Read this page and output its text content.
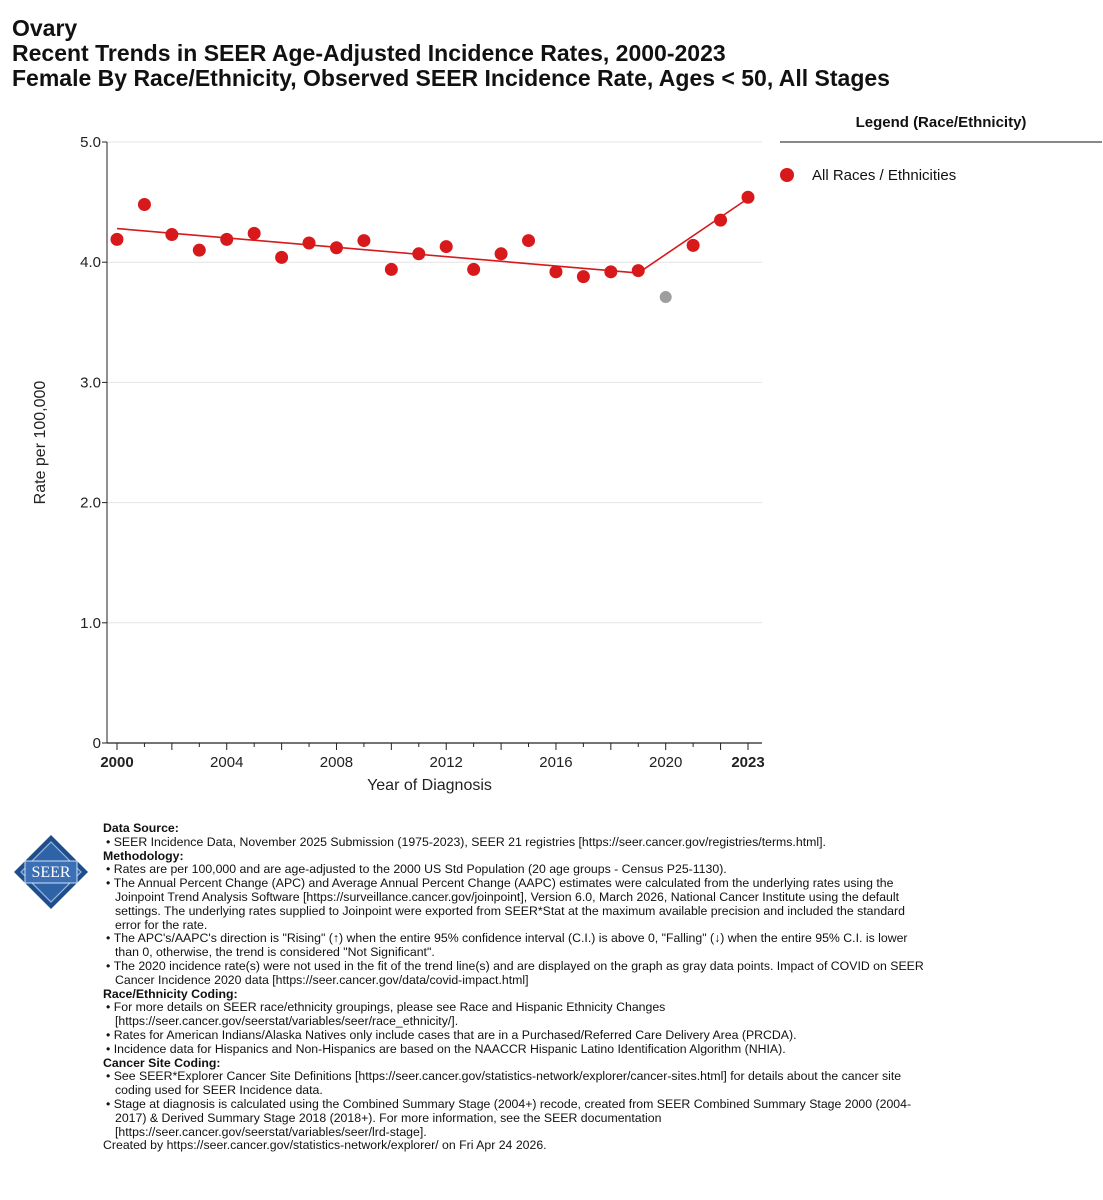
Ovary
Recent Trends in SEER Age-Adjusted Incidence Rates, 2000-2023
Female By Race/Ethnicity, Observed SEER Incidence Rate, Ages < 50, All Stages
0
1.0
2.0
3.0
4.0
5.0
2000	2004	2008	2012	2016	2020	2023
Year of Diagnosis
Rate per 100,000
Legend (Race/Ethnicity)
All Races / Ethnicities
SEER
Data Source:
• SEER Incidence Data, November 2025 Submission (1975-2023), SEER 21 registries [https://seer.cancer.gov/registries/terms.html].
Methodology:
• Rates are per 100,000 and are age-adjusted to the 2000 US Std Population (20 age groups - Census P25-1130).
• The Annual Percent Change (APC) and Average Annual Percent Change (AAPC) estimates were calculated from the underlying rates using the Joinpoint Trend Analysis Software [https://surveillance.cancer.gov/joinpoint], Version 6.0, March 2026, National Cancer Institute using the default settings. The underlying rates supplied to Joinpoint were exported from SEER*Stat at the maximum available precision and included the standard error for the rate.
• The APC's/AAPC's direction is "Rising" (↑) when the entire 95% confidence interval (C.I.) is above 0, "Falling" (↓) when the entire 95% C.I. is lower than 0, otherwise, the trend is considered "Not Significant".
• The 2020 incidence rate(s) were not used in the fit of the trend line(s) and are displayed on the graph as gray data points. Impact of COVID on SEER Cancer Incidence 2020 data [https://seer.cancer.gov/data/covid-impact.html]
Race/Ethnicity Coding:
• For more details on SEER race/ethnicity groupings, please see Race and Hispanic Ethnicity Changes [https://seer.cancer.gov/seerstat/variables/seer/race_ethnicity/].
• Rates for American Indians/Alaska Natives only include cases that are in a Purchased/Referred Care Delivery Area (PRCDA).
• Incidence data for Hispanics and Non-Hispanics are based on the NAACCR Hispanic Latino Identification Algorithm (NHIA).
Cancer Site Coding:
• See SEER*Explorer Cancer Site Definitions [https://seer.cancer.gov/statistics-network/explorer/cancer-sites.html] for details about the cancer site coding used for SEER Incidence data.
• Stage at diagnosis is calculated using the Combined Summary Stage (2004+) recode, created from SEER Combined Summary Stage 2000 (2004-2017) & Derived Summary Stage 2018 (2018+). For more information, see the SEER documentation [https://seer.cancer.gov/seerstat/variables/seer/lrd-stage].
Created by https://seer.cancer.gov/statistics-network/explorer/ on Fri Apr 24 2026.
